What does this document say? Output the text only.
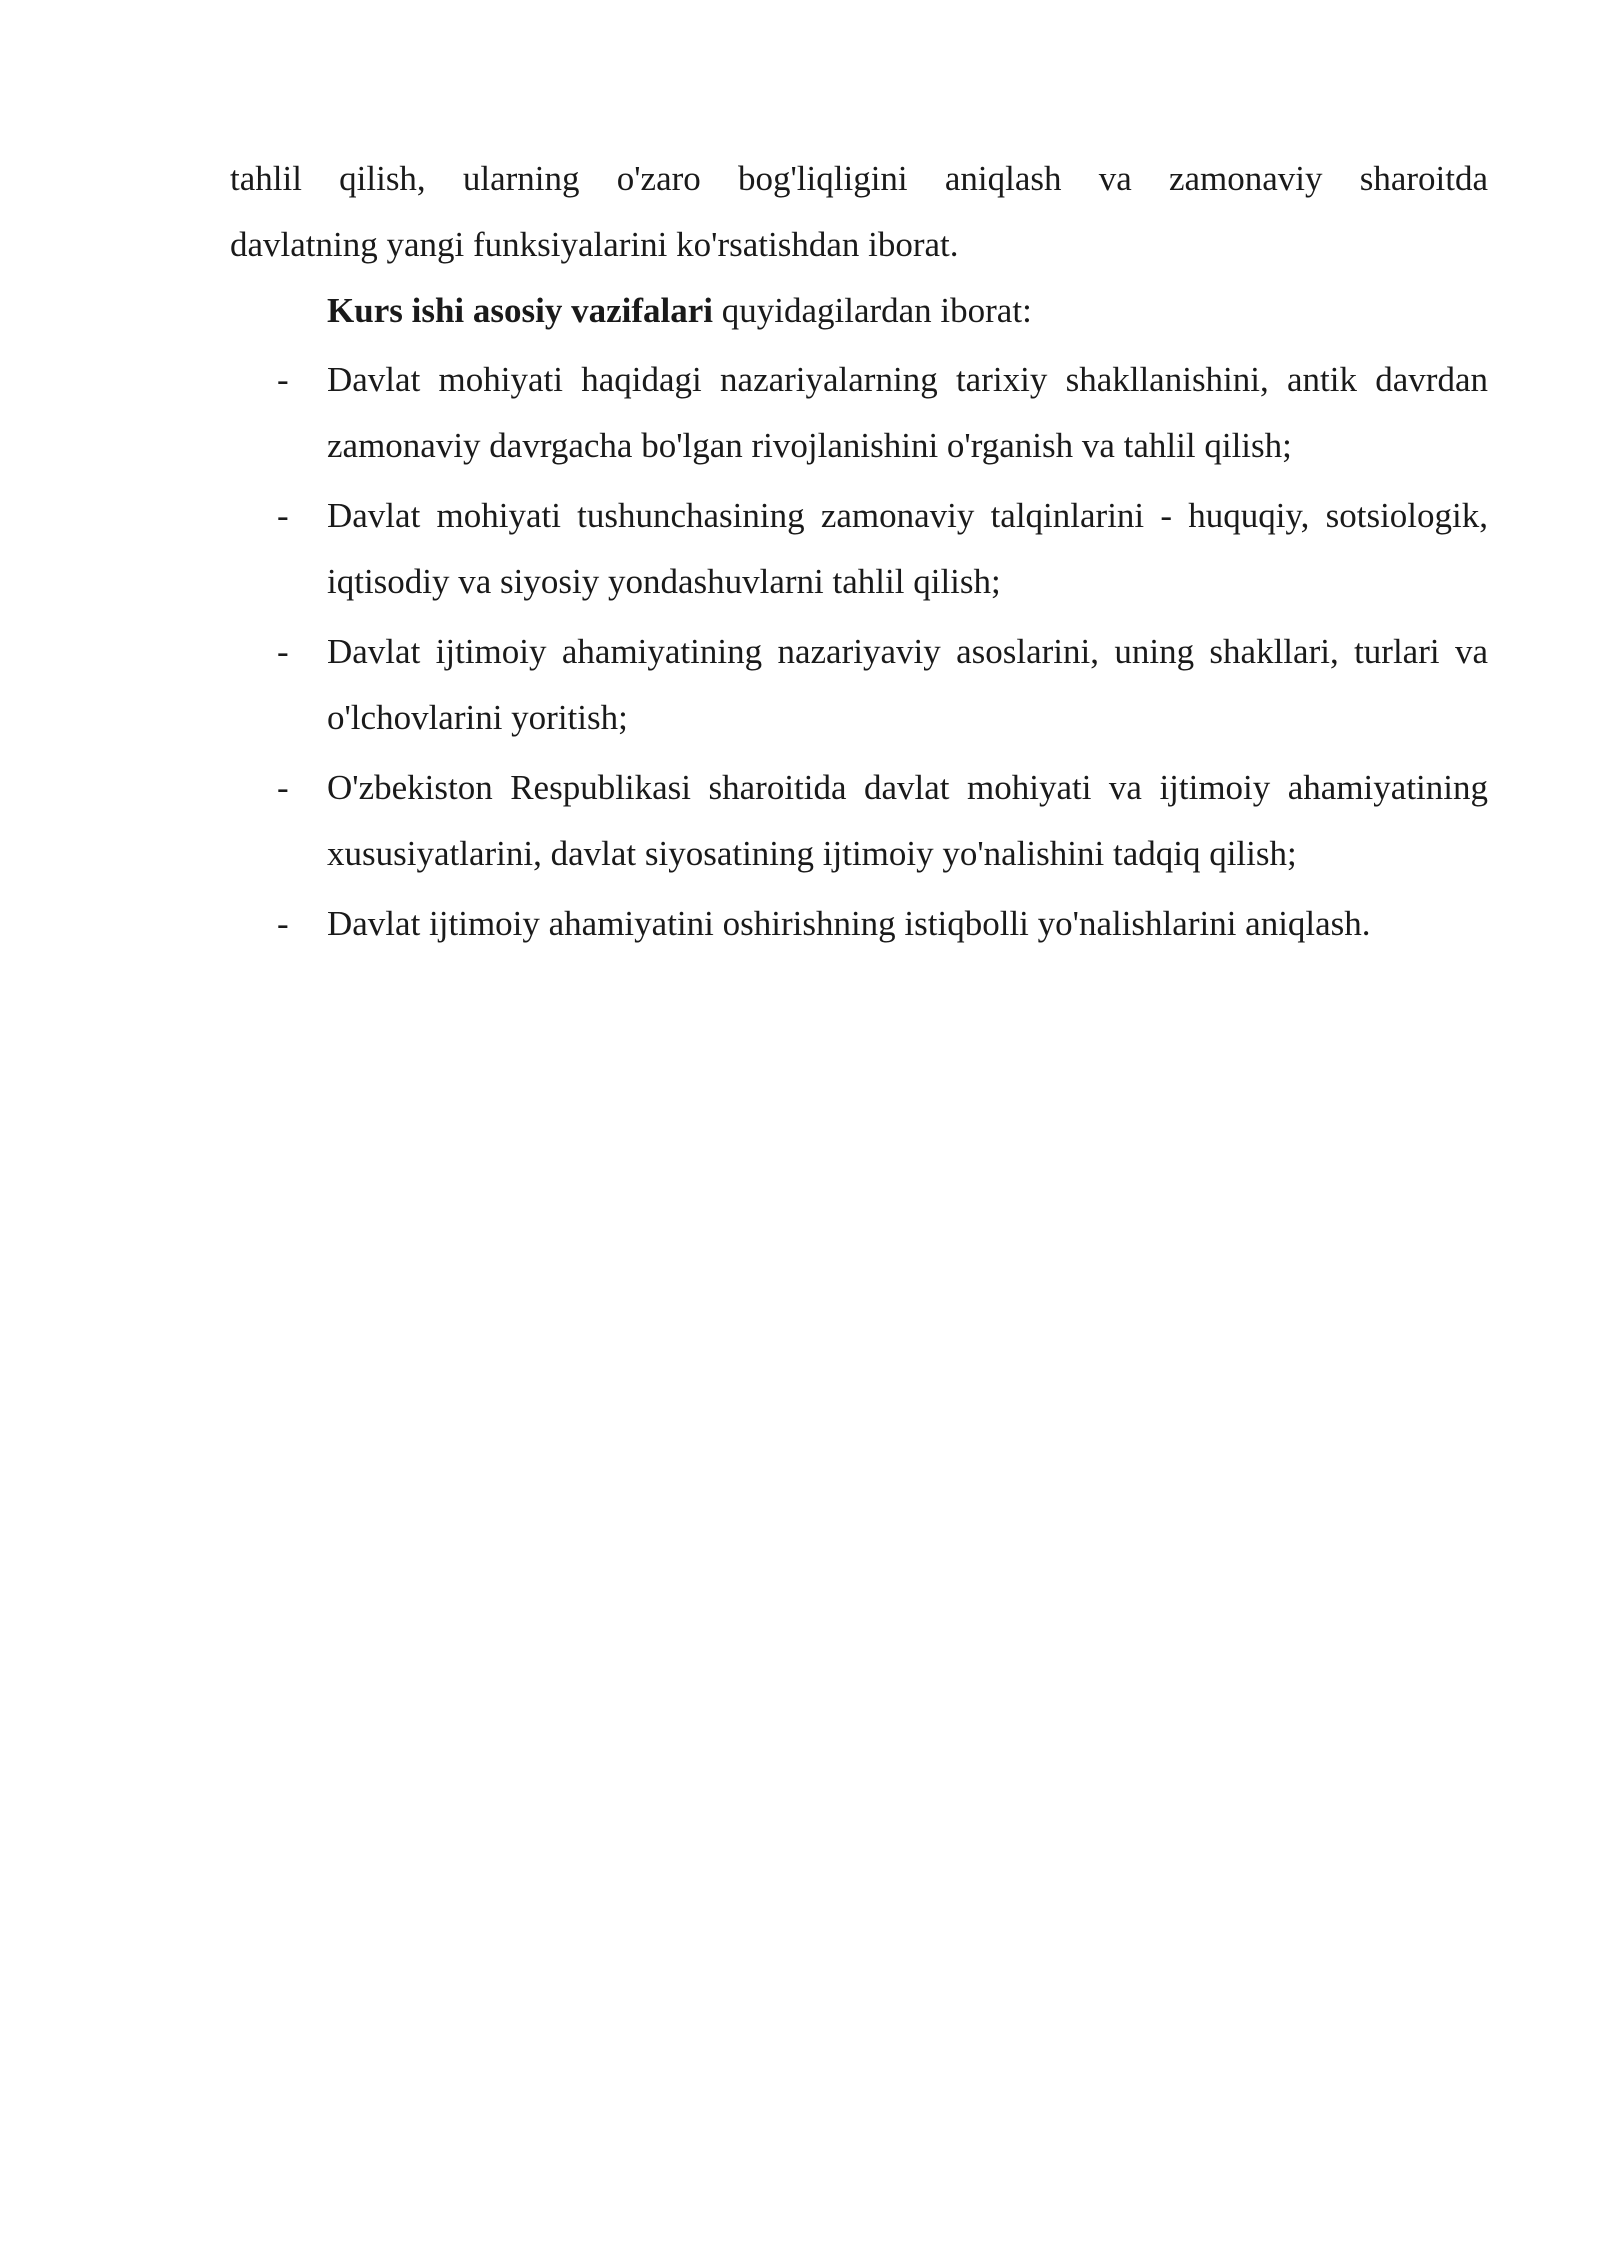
tahlil qilish, ularning o'zaro bog'liqligini aniqlash va zamonaviy sharoitda
davlatning yangi funksiyalarini ko'rsatishdan iborat.

Kurs ishi asosiy vazifalari quyidagilardan iborat:

- Davlat mohiyati haqidagi nazariyalarning tarixiy shakllanishini, antik davrdan zamonaviy davrgacha bo'lgan rivojlanishini o'rganish va tahlil qilish;
- Davlat mohiyati tushunchasining zamonaviy talqinlarini - huquqiy, sotsiologik, iqtisodiy va siyosiy yondashuvlarni tahlil qilish;
- Davlat ijtimoiy ahamiyatining nazariyaviy asoslarini, uning shakllari, turlari va o'lchovlarini yoritish;
- O'zbekiston Respublikasi sharoitida davlat mohiyati va ijtimoiy ahamiyatining xususiyatlarini, davlat siyosatining ijtimoiy yo'nalishini tadqiq qilish;
- Davlat ijtimoiy ahamiyatini oshirishning istiqbolli yo'nalishlarini aniqlash.
